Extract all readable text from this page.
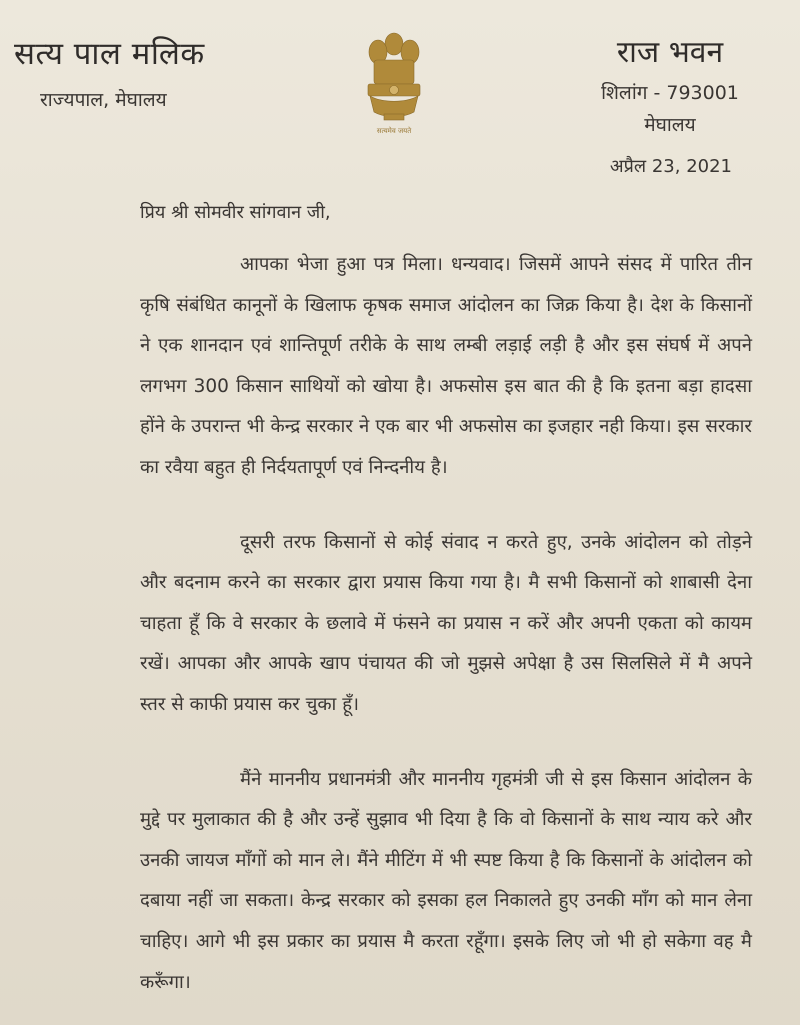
सत्य पाल मलिक
राज्यपाल, मेघालय
सत्यमेव जयते
राज भवन
शिलांग - 793001
मेघालय
अप्रैल 23, 2021
प्रिय श्री सोमवीर सांगवान जी,

आपका भेजा हुआ पत्र मिला। धन्यवाद। जिसमें आपने संसद में पारित तीन कृषि संबंधित कानूनों के खिलाफ कृषक समाज आंदोलन का जिक्र किया है। देश के किसानों ने एक शानदान एवं शान्तिपूर्ण तरीके के साथ लम्बी लड़ाई लड़ी है और इस संघर्ष में अपने लगभग 300 किसान साथियों को खोया है। अफसोस इस बात की है कि इतना बड़ा हादसा होंने के उपरान्त भी केन्द्र सरकार ने एक बार भी अफसोस का इजहार नही किया। इस सरकार का रवैया बहुत ही निर्दयतापूर्ण एवं निन्दनीय है।

दूसरी तरफ किसानों से कोई संवाद न करते हुए, उनके आंदोलन को तोड़ने और बदनाम करने का सरकार द्वारा प्रयास किया गया है। मै सभी किसानों को शाबासी देना चाहता हूँ कि वे सरकार के छलावे में फंसने का प्रयास न करें और अपनी एकता को कायम रखें। आपका और आपके खाप पंचायत की जो मुझसे अपेक्षा है उस सिलसिले में मै अपने स्तर से काफी प्रयास कर चुका हूँ।

मैंने माननीय प्रधानमंत्री और माननीय गृहमंत्री जी से इस किसान आंदोलन के मुद्दे पर मुलाकात की है और उन्हें सुझाव भी दिया है कि वो किसानों के साथ न्याय करे और उनकी जायज माँगों को मान ले। मैंने मीटिंग में भी स्पष्ट किया है कि किसानों के आंदोलन को दबाया नहीं जा सकता। केन्द्र सरकार को इसका हल निकालते हुए उनकी माँग को मान लेना चाहिए। आगे भी इस प्रकार का प्रयास मै करता रहूँगा। इसके लिए जो भी हो सकेगा वह मै करूँगा।
